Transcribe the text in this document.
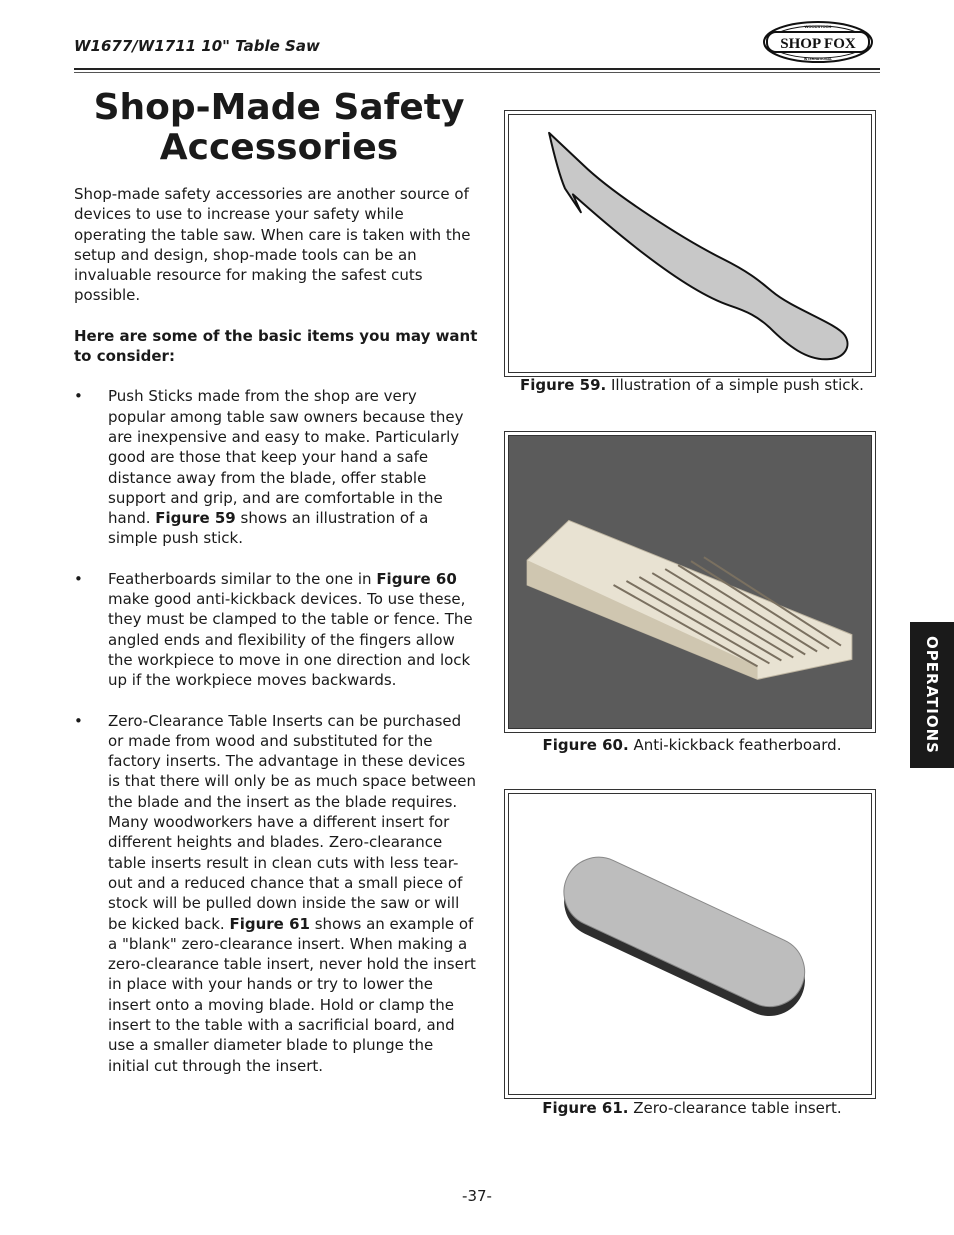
W1677/W1711 10" Table Saw	SHOP FOX
WOODSTOCK
INTERNATIONAL
Shop-Made Safety
Accessories

Shop-made safety accessories are another source of devices to use to increase your safety while operating the table saw. When care is taken with the setup and design, shop-made tools can be an invaluable resource for making the safest cuts possible.

Here are some of the basic items you may want to consider:

• Push Sticks made from the shop are very popular among table saw owners because they are inexpensive and easy to make. Particularly good are those that keep your hand a safe distance away from the blade, offer stable support and grip, and are comfortable in the hand. Figure 59 shows an illustration of a simple push stick.
• Featherboards similar to the one in Figure 60 make good anti-kickback devices. To use these, they must be clamped to the table or fence. The angled ends and flexibility of the fingers allow the workpiece to move in one direction and lock up if the workpiece moves backwards.
• Zero-Clearance Table Inserts can be purchased or made from wood and substituted for the factory inserts. The advantage in these devices is that there will only be as much space between the blade and the insert as the blade requires. Many woodworkers have a different insert for different heights and blades. Zero-clearance table inserts result in clean cuts with less tear-out and a reduced chance that a small piece of stock will be pulled down inside the saw or will be kicked back. Figure 61 shows an example of a "blank" zero-clearance insert. When making a zero-clearance table insert, never hold the insert in place with your hands or try to lower the insert onto a moving blade. Hold or clamp the insert to the table with a sacrificial board, and use a smaller diameter blade to plunge the initial cut through the insert.
Figure 59. Illustration of a simple push stick.
Figure 60. Anti-kickback featherboard.
Figure 61. Zero-clearance table insert.
OPERATIONS
-37-
